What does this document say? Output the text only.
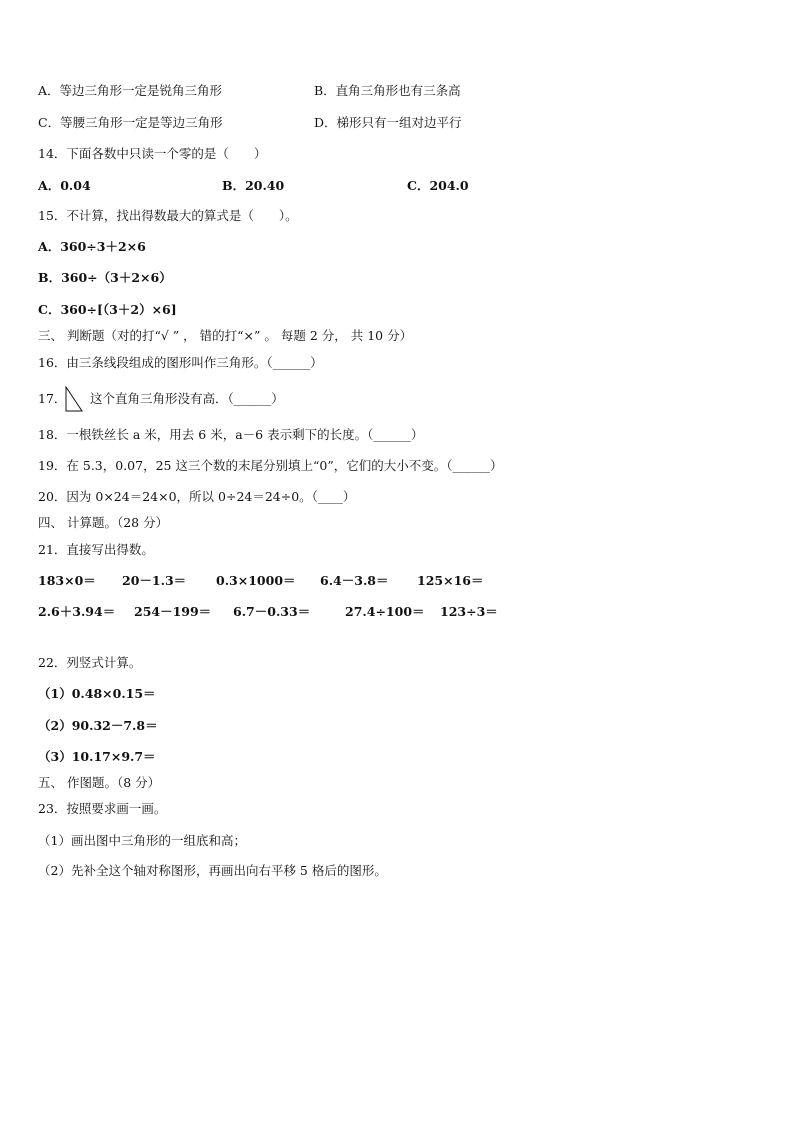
A．等边三角形一定是锐角三角形	B．直角三角形也有三条高
C．等腰三角形一定是等边三角形	D．梯形只有一组对边平行
14．下面各数中只读一个零的是（　　）
A．0.04	B．20.40	C．204.0
15．不计算，找出得数最大的算式是（　　）。
A．360÷3＋2×6
B．360÷（3＋2×6）
C．360÷[（3＋2）×6]
三、 判断题（对的打“√ ” ， 错的打“×” 。 每题 2 分， 共 10 分）
16．由三条线段组成的图形叫作三角形。（______）
17． 这个直角三角形没有高．（______）
18．一根铁丝长 a 米，用去 6 米，a－6 表示剩下的长度。（______）
19．在 5.3，0.07，25 这三个数的末尾分别填上“0”，它们的大小不变。（______）
20．因为 0×24＝24×0，所以 0÷24＝24÷0。（____）
四、 计算题。（28 分）
21．直接写出得数。
183×0＝ 20－1.3＝ 0.3×1000＝ 6.4－3.8＝ 125×16＝
2.6＋3.94＝ 254－199＝ 6.7－0.33＝	27.4÷100＝ 123÷3＝
22．列竖式计算。
（1）0.48×0.15＝
（2）90.32－7.8＝
（3）10.17×9.7＝
五、 作图题。（8 分）
23．按照要求画一画。
（1）画出图中三角形的一组底和高；
（2）先补全这个轴对称图形，再画出向右平移 5 格后的图形。
